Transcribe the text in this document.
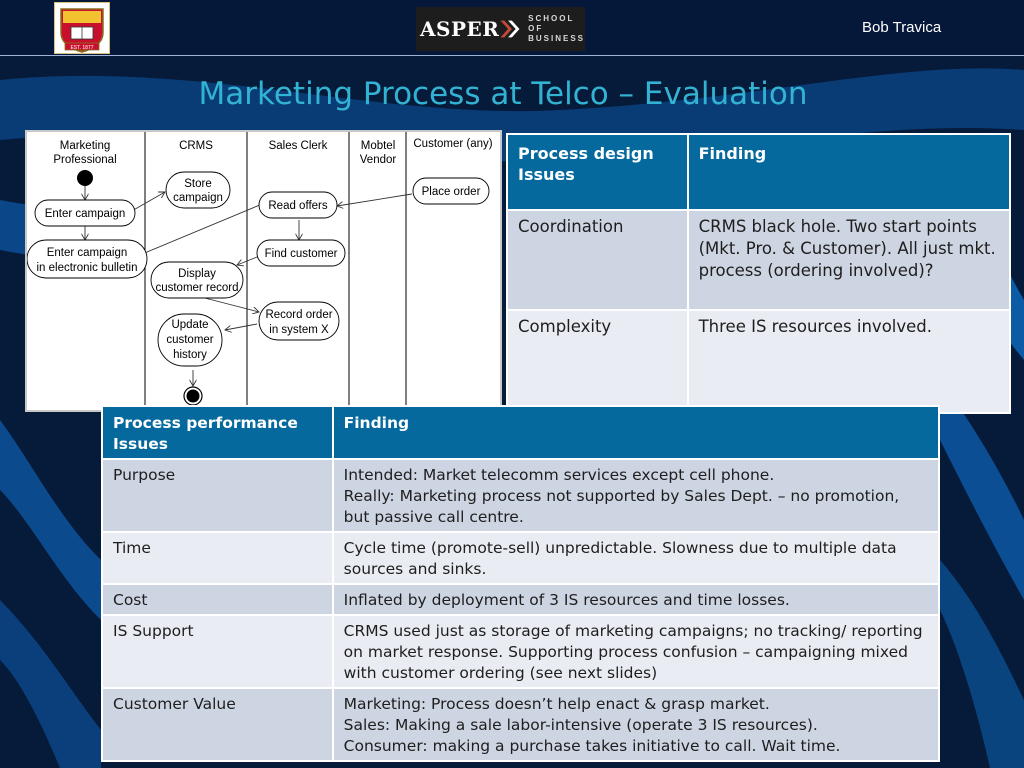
EST. 1877
ASPER	SCHOOL OF BUSINESS
Bob Travica
Marketing Process at Telco – Evaluation
Marketing
Professional
CRMS	Sales Clerk	Mobtel
Vendor
Customer (any)
Store
campaign
Enter campaign
Enter campaign
in electronic bulletin
Read offers
Place order
Find customer
Display
customer record
Record order
in system X
Update
customer
history
Process design Issues	Finding
Coordination	CRMS black hole. Two start points (Mkt. Pro. & Customer). All just mkt. process (ordering involved)?
Complexity	Three IS resources involved.
Process performance Issues	Finding
Purpose	Intended: Market telecomm services except cell phone.
Really: Marketing process not supported by Sales Dept. – no promotion, but passive call centre.

Time	Cycle time (promote-sell) unpredictable. Slowness due to multiple data sources and sinks.

Cost	Inflated by deployment of 3 IS resources and time losses.

IS Support	CRMS used just as storage of marketing campaigns; no tracking/ reporting on market response. Supporting process confusion – campaigning mixed with customer ordering (see next slides)

Customer Value	Marketing: Process doesn’t help enact & grasp market.
Sales: Making a sale labor-intensive (operate 3 IS resources).
Consumer: making a purchase takes initiative to call. Wait time.
